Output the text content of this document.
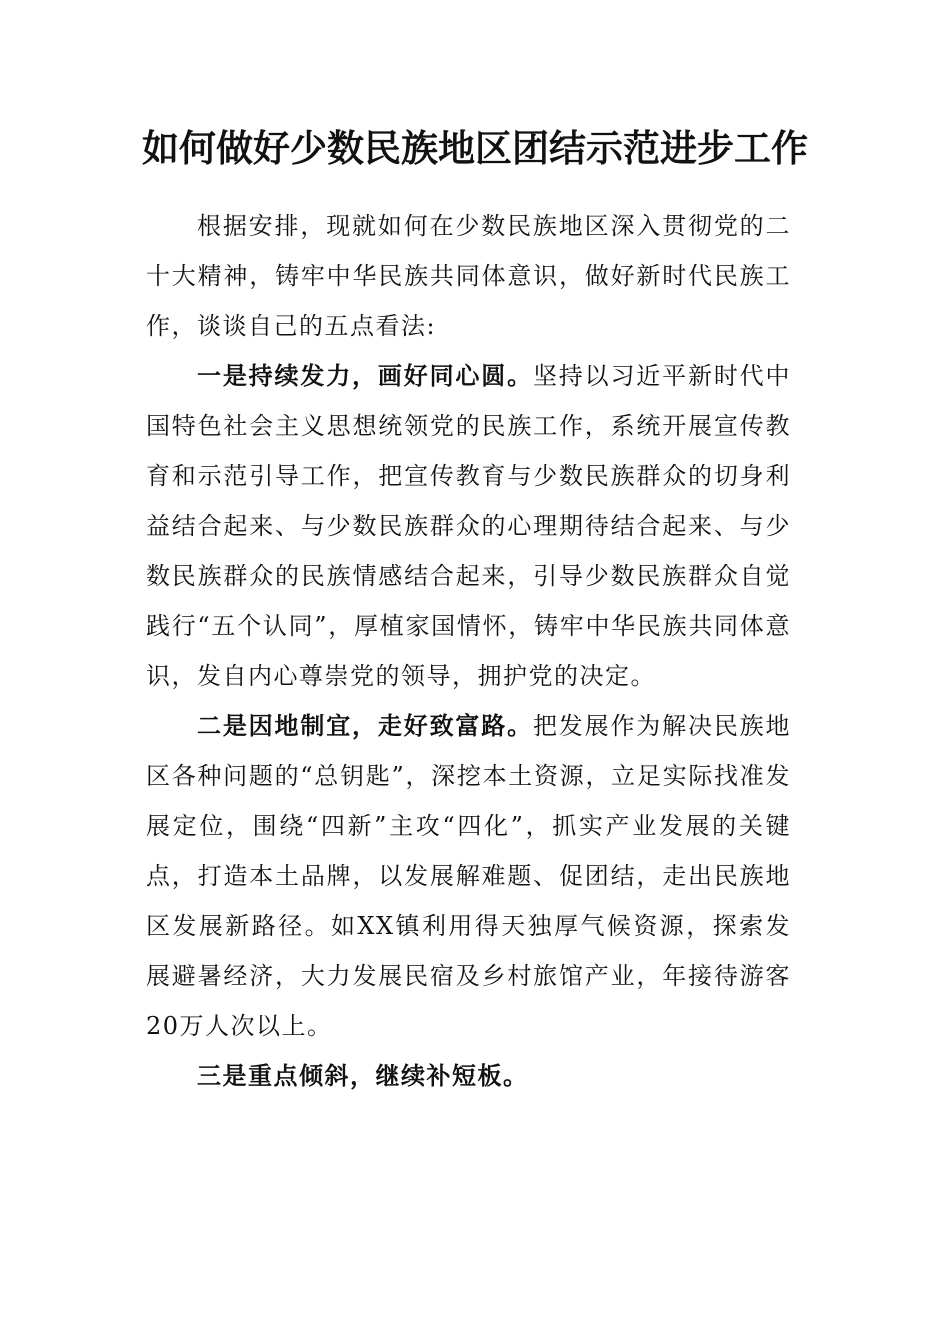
如何做好少数民族地区团结示范进步工作

根据安排，现就如何在少数民族地区深入贯彻党的二十大精神，铸牢中华民族共同体意识，做好新时代民族工作，谈谈自己的五点看法:

一是持续发力，画好同心圆。坚持以习近平新时代中国特色社会主义思想统领党的民族工作，系统开展宣传教育和示范引导工作，把宣传教育与少数民族群众的切身利益结合起来、与少数民族群众的心理期待结合起来、与少数民族群众的民族情感结合起来，引导少数民族群众自觉践行“五个认同”，厚植家国情怀，铸牢中华民族共同体意识，发自内心尊崇党的领导，拥护党的决定。

二是因地制宜，走好致富路。把发展作为解决民族地区各种问题的“总钥匙”，深挖本土资源，立足实际找准发展定位，围绕“四新”主攻“四化”，抓实产业发展的关键点，打造本土品牌，以发展解难题、促团结，走出民族地区发展新路径。如XX镇利用得天独厚气候资源，探索发展避暑经济，大力发展民宿及乡村旅馆产业，年接待游客20万人次以上。

三是重点倾斜，继续补短板。
